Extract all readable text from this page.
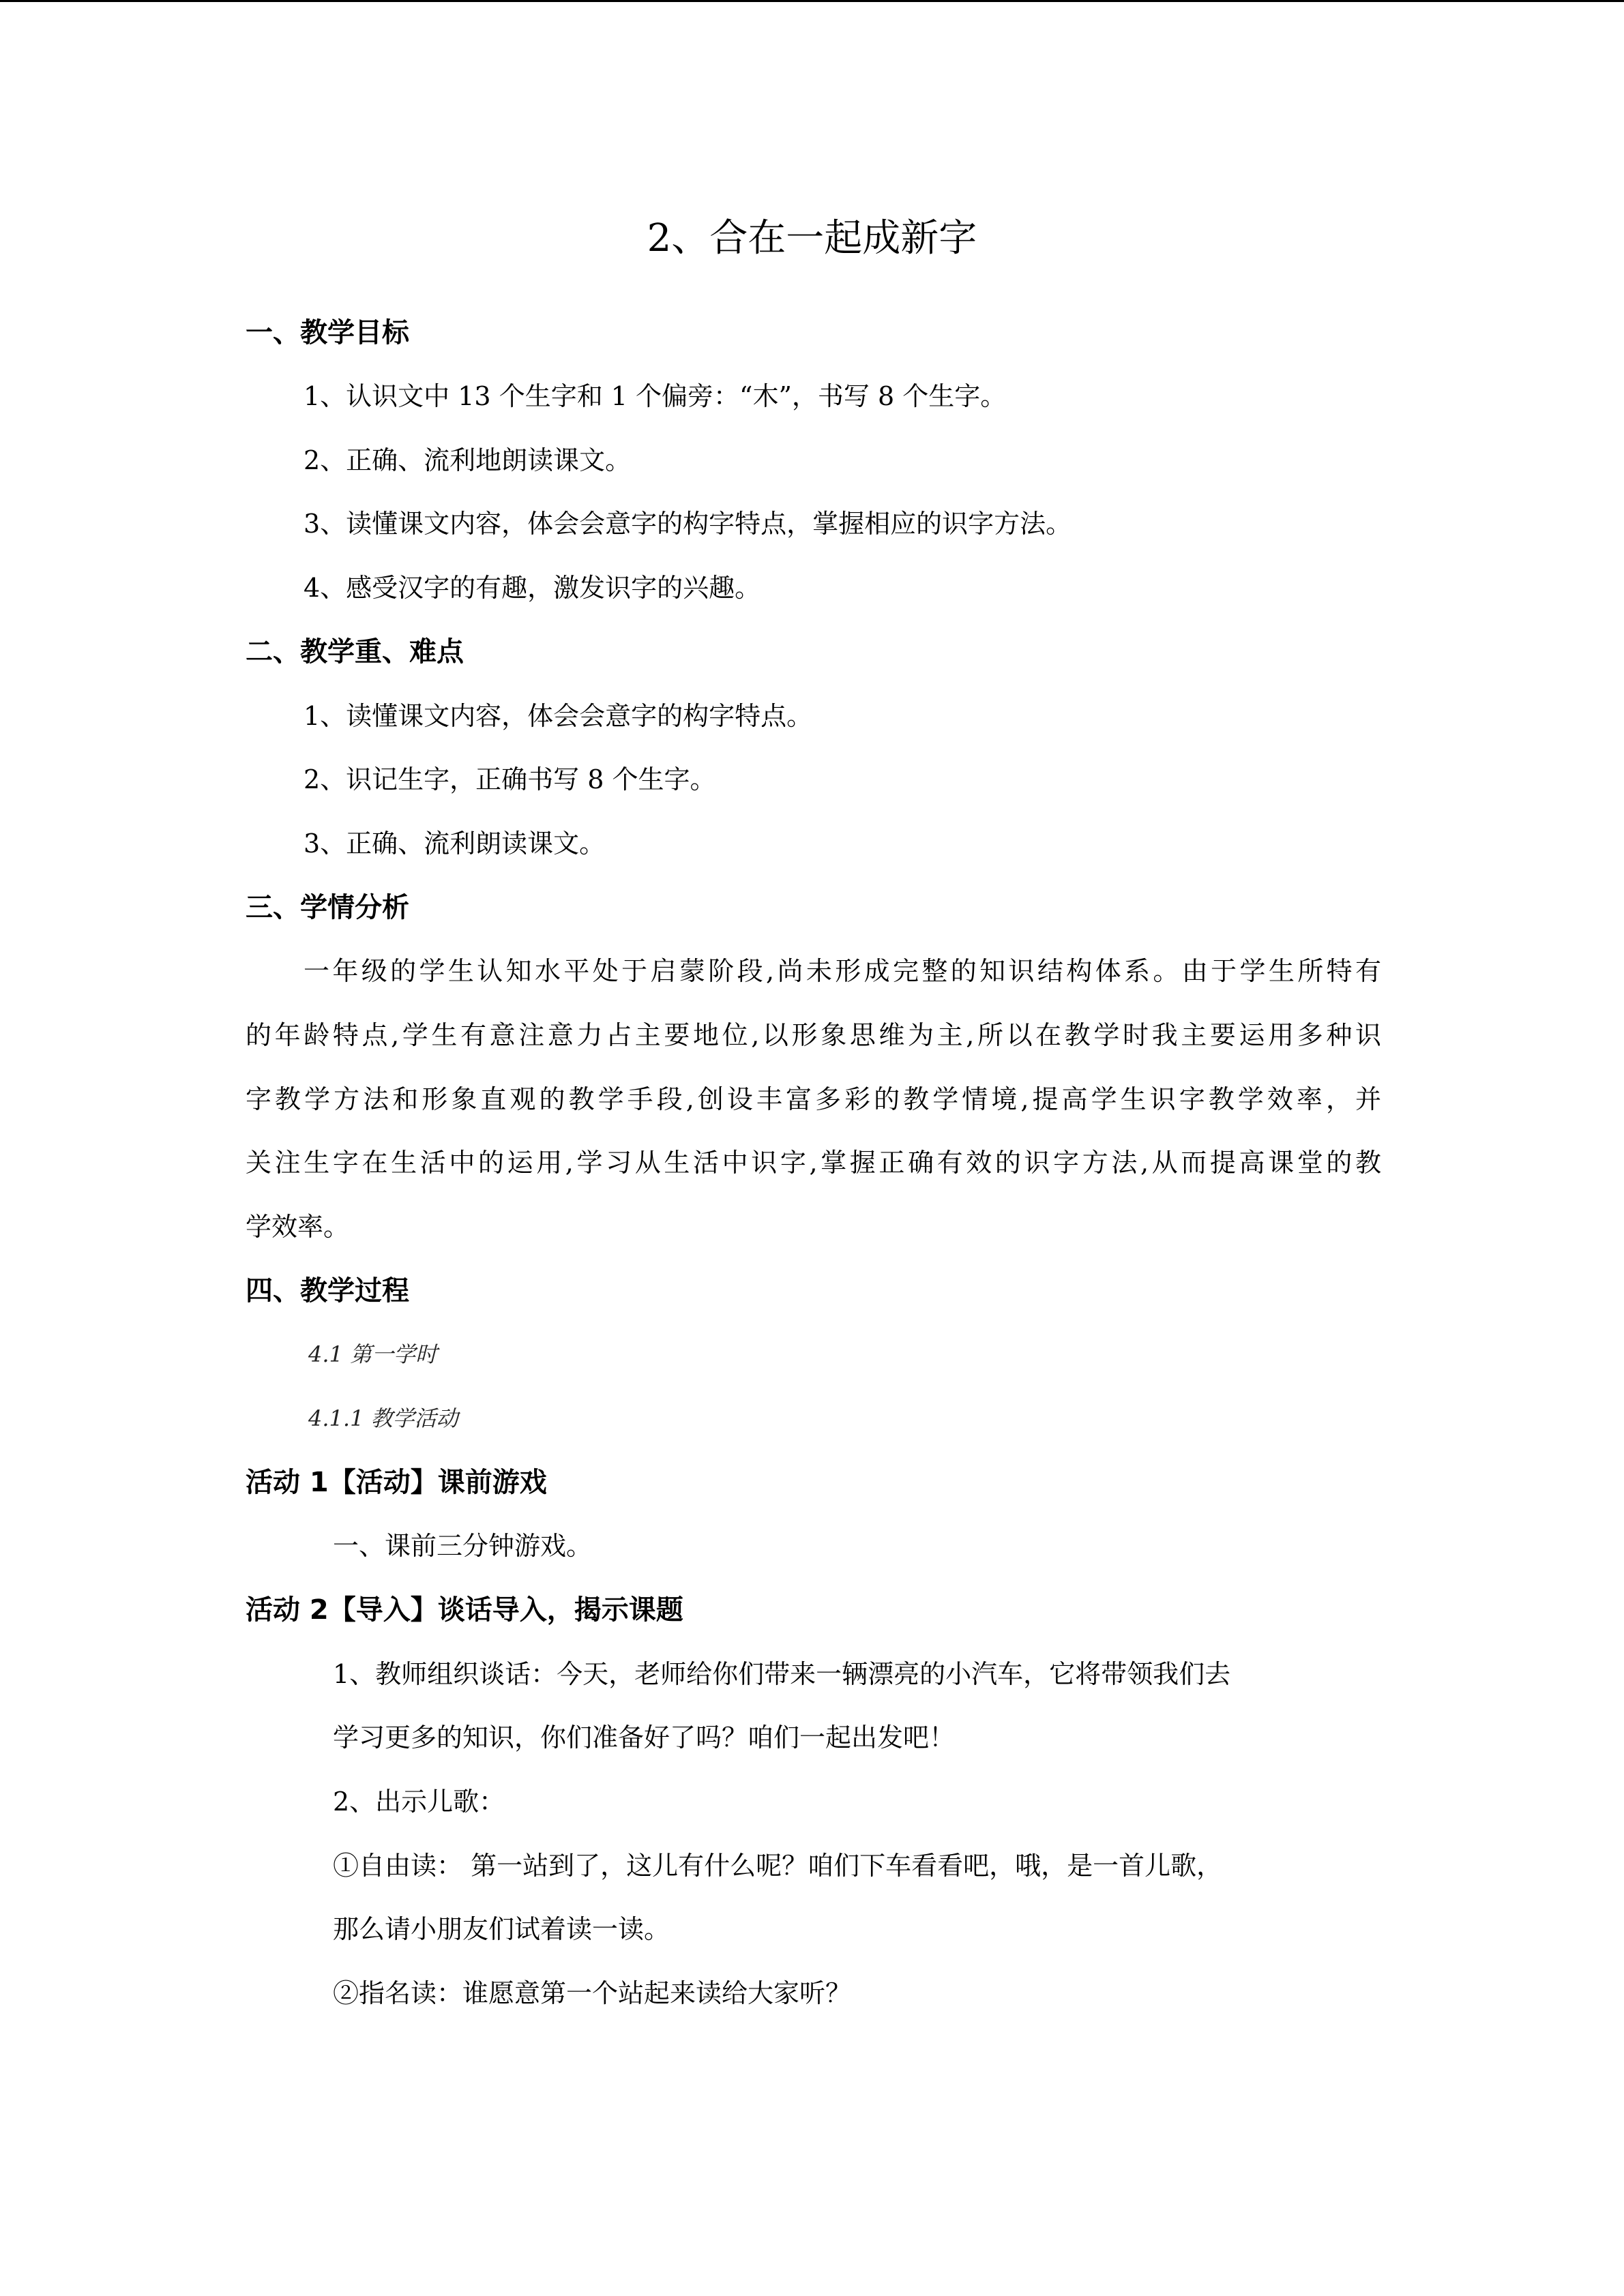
2、合在一起成新字
一、教学目标
1、认识文中 13 个生字和 1 个偏旁：“木”，书写 8 个生字。
2、正确、流利地朗读课文。
3、读懂课文内容，体会会意字的构字特点，掌握相应的识字方法。
4、感受汉字的有趣，激发识字的兴趣。
二、教学重、难点
1、读懂课文内容，体会会意字的构字特点。
2、识记生字，正确书写 8 个生字。
3、正确、流利朗读课文。
三、学情分析
一年级的学生认知水平处于启蒙阶段,尚未形成完整的知识结构体系。由于学生所特有
的年龄特点,学生有意注意力占主要地位,以形象思维为主,所以在教学时我主要运用多种识
字教学方法和形象直观的教学手段,创设丰富多彩的教学情境,提高学生识字教学效率，并
关注生字在生活中的运用,学习从生活中识字,掌握正确有效的识字方法,从而提高课堂的教
学效率。
四、教学过程
4.1 第一学时
4.1.1 教学活动
活动 1【活动】课前游戏
一、课前三分钟游戏。
活动 2【导入】谈话导入，揭示课题
1、教师组织谈话：今天，老师给你们带来一辆漂亮的小汽车，它将带领我们去
学习更多的知识，你们准备好了吗？咱们一起出发吧！
2、出示儿歌：
①自由读： 第一站到了，这儿有什么呢？咱们下车看看吧，哦，是一首儿歌，
那么请小朋友们试着读一读。
②指名读：谁愿意第一个站起来读给大家听？
